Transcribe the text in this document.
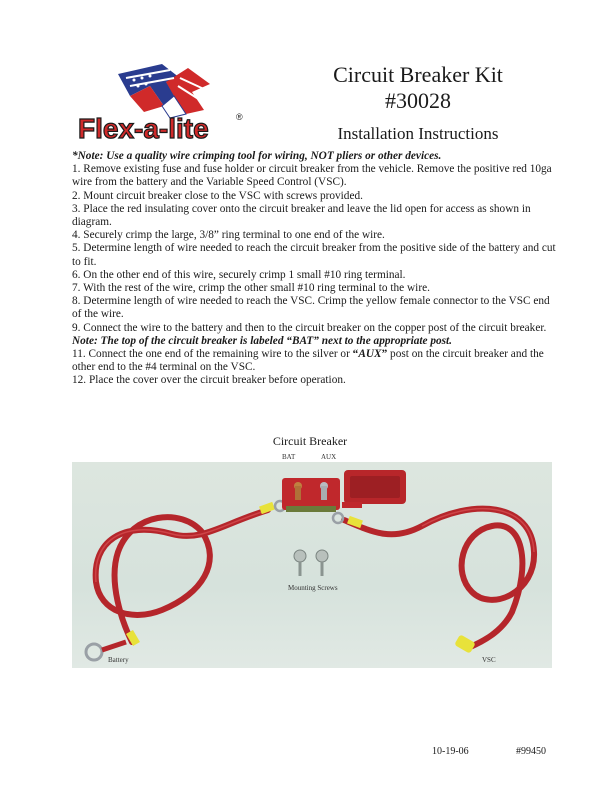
Flex-a-lite	®
Circuit Breaker Kit
#30028
Installation Instructions

*Note: Use a quality wire crimping tool for wiring, NOT pliers or other devices.

1. Remove existing fuse and fuse holder or circuit breaker from the vehicle. Remove the positive red 10ga wire from the battery and the Variable Speed Control (VSC).

2. Mount circuit breaker close to the VSC with screws provided.

3. Place the red insulating cover onto the circuit breaker and leave the lid open for access as shown in diagram.

4. Securely crimp the large, 3/8” ring terminal to one end of the wire.

5. Determine length of wire needed to reach the circuit breaker from the positive side of the battery and cut to fit.

6. On the other end of this wire, securely crimp 1 small #10 ring terminal.

7. With the rest of the wire, crimp the other small #10 ring terminal to the wire.

8. Determine length of wire needed to reach the VSC. Crimp the yellow female connector to the VSC end of the wire.

9. Connect the wire to the battery and then to the circuit breaker on the copper post of the circuit breaker. Note: The top of the circuit breaker is labeled “BAT” next to the appropriate post.

11. Connect the one end of the remaining wire to the silver or “AUX” post on the circuit breaker and the other end to the #4 terminal on the VSC.

12. Place the cover over the circuit breaker before operation.

Circuit Breaker
Mounting Screws
Battery	VSC
BAT	AUX
10-19-06	#99450
